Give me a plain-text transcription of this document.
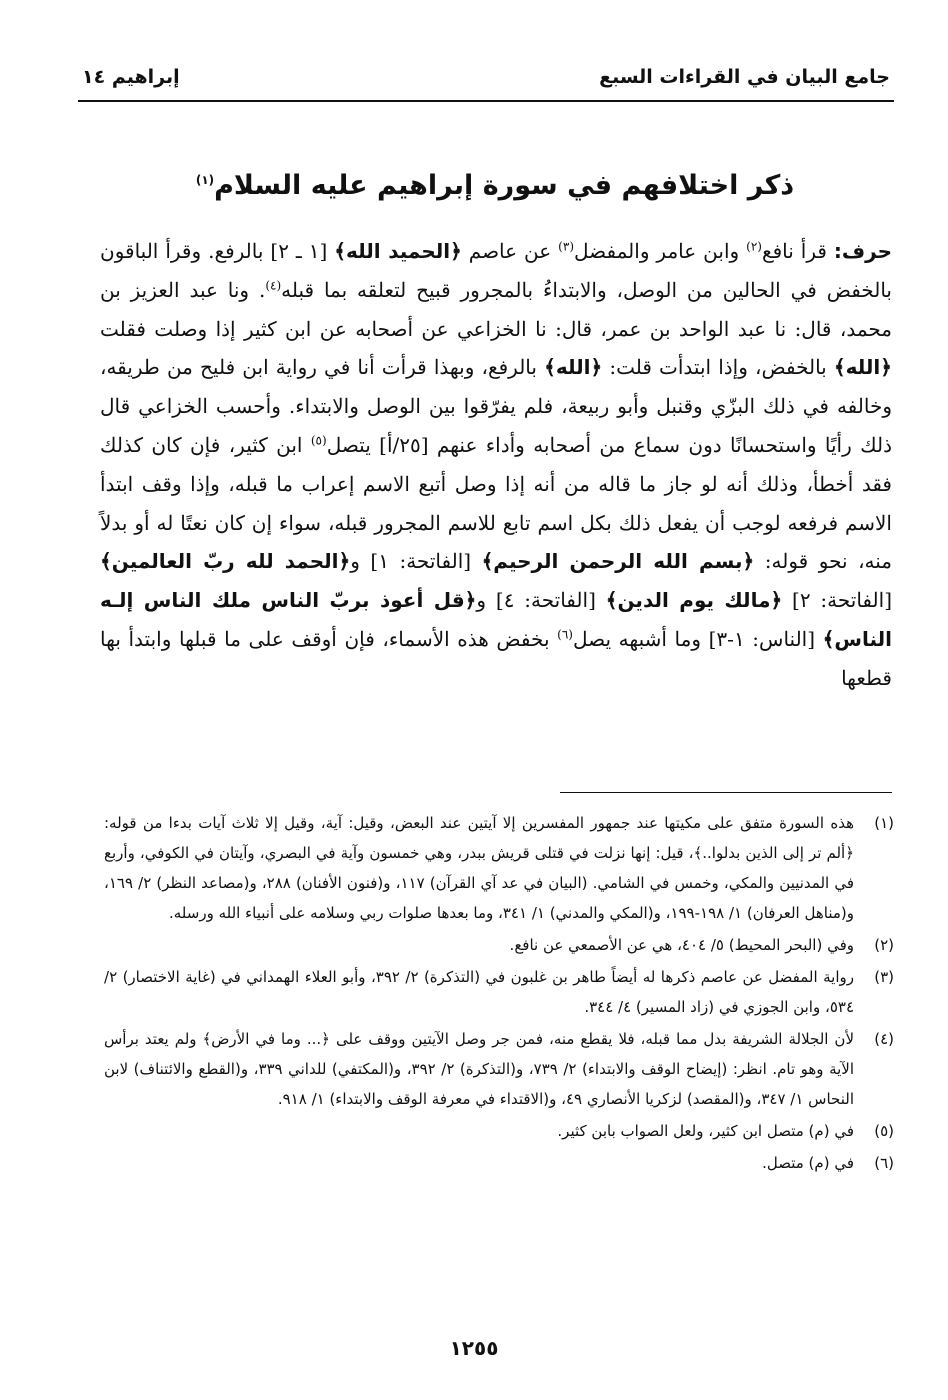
جامع البيان في القراءات السبع
إبراهيم ١٤
ذكر اختلافهم في سورة إبراهيم عليه السلام$^{(١)}$

حرف: قرأ نافع$^{(٢)}$ وابن عامر والمفضل$^{(٣)}$ عن عاصم ﴿الحميد الله﴾ [١ ـ ٢] بالرفع. وقرأ الباقون بالخفض في الحالين من الوصل، والابتداءُ بالمجرور قبيح لتعلقه بما قبله$^{(٤)}$. ونا عبد العزيز بن محمد، قال: نا عبد الواحد بن عمر، قال: نا الخزاعي عن أصحابه عن ابن كثير إذا وصلت فقلت ﴿الله﴾ بالخفض، وإذا ابتدأت قلت: ﴿الله﴾ بالرفع، وبهذا قرأت أنا في رواية ابن فليح من طريقه، وخالفه في ذلك البزّي وقنبل وأبو ربيعة، فلم يفرّقوا بين الوصل والابتداء. وأحسب الخزاعي قال ذلك رأيًا واستحسانًا دون سماع من أصحابه وأداء عنهم [٢٥/أ] يتصل$^{(٥)}$ ابن كثير، فإن كان كذلك فقد أخطأ، وذلك أنه لو جاز ما قاله من أنه إذا وصل أتبع الاسم إعراب ما قبله، وإذا وقف ابتدأ الاسم فرفعه لوجب أن يفعل ذلك بكل اسم تابع للاسم المجرور قبله، سواء إن كان نعتًا له أو بدلاً منه، نحو قوله: ﴿بسم الله الرحمن الرحيم﴾ [الفاتحة: ١] و﴿الحمد لله ربّ العالمين﴾ [الفاتحة: ٢] ﴿مالك يوم الدين﴾ [الفاتحة: ٤] و﴿قل أعوذ بربّ الناس ملك الناس إلـه الناس﴾ [الناس: ١-٣] وما أشبهه يصل$^{(٦)}$ بخفض هذه الأسماء، فإن أوقف على ما قبلها وابتدأ بها قطعها

(١)
هذه السورة متفق على مكيتها عند جمهور المفسرين إلا آيتين عند البعض، وقيل: آية، وقيل إلا ثلاث آيات بدءا من قوله: ﴿ألم تر إلى الذين بدلوا..﴾، قيل: إنها نزلت في قتلى قريش ببدر، وهي خمسون وآية في البصري، وآيتان في الكوفي، وأربع في المدنيين والمكي، وخمس في الشامي. (البيان في عد آي القرآن) ١١٧، و(فنون الأفنان) ٢٨٨، و(مصاعد النظر) ٢/ ١٦٩، و(مناهل العرفان) ١/ ١٩٨-١٩٩، و(المكي والمدني) ١/ ٣٤١، وما بعدها صلوات ربي وسلامه على أنبياء الله ورسله.
(٢)
وفي (البحر المحيط) ٥/ ٤٠٤، هي عن الأصمعي عن نافع.
(٣)
رواية المفضل عن عاصم ذكرها له أيضاً طاهر بن غلبون في (التذكرة) ٢/ ٣٩٢، وأبو العلاء الهمداني في (غاية الاختصار) ٢/ ٥٣٤، وابن الجوزي في (زاد المسير) ٤/ ٣٤٤.
(٤)
لأن الجلالة الشريفة بدل مما قبله، فلا يقطع منه، فمن جر وصل الآيتين ووقف على ﴿... وما في الأرض﴾ ولم يعتد برأس الآية وهو تام. انظر: (إيضاح الوقف والابتداء) ٢/ ٧٣٩، و(التذكرة) ٢/ ٣٩٢، و(المكتفي) للداني ٣٣٩، و(القطع والائتناف) لابن النحاس ١/ ٣٤٧، و(المقصد) لزكريا الأنصاري ٤٩، و(الاقتداء في معرفة الوقف والابتداء) ١/ ٩١٨.
(٥)
في (م) متصل ابن كثير، ولعل الصواب بابن كثير.
(٦)
في (م) متصل.
١٢٥٥
